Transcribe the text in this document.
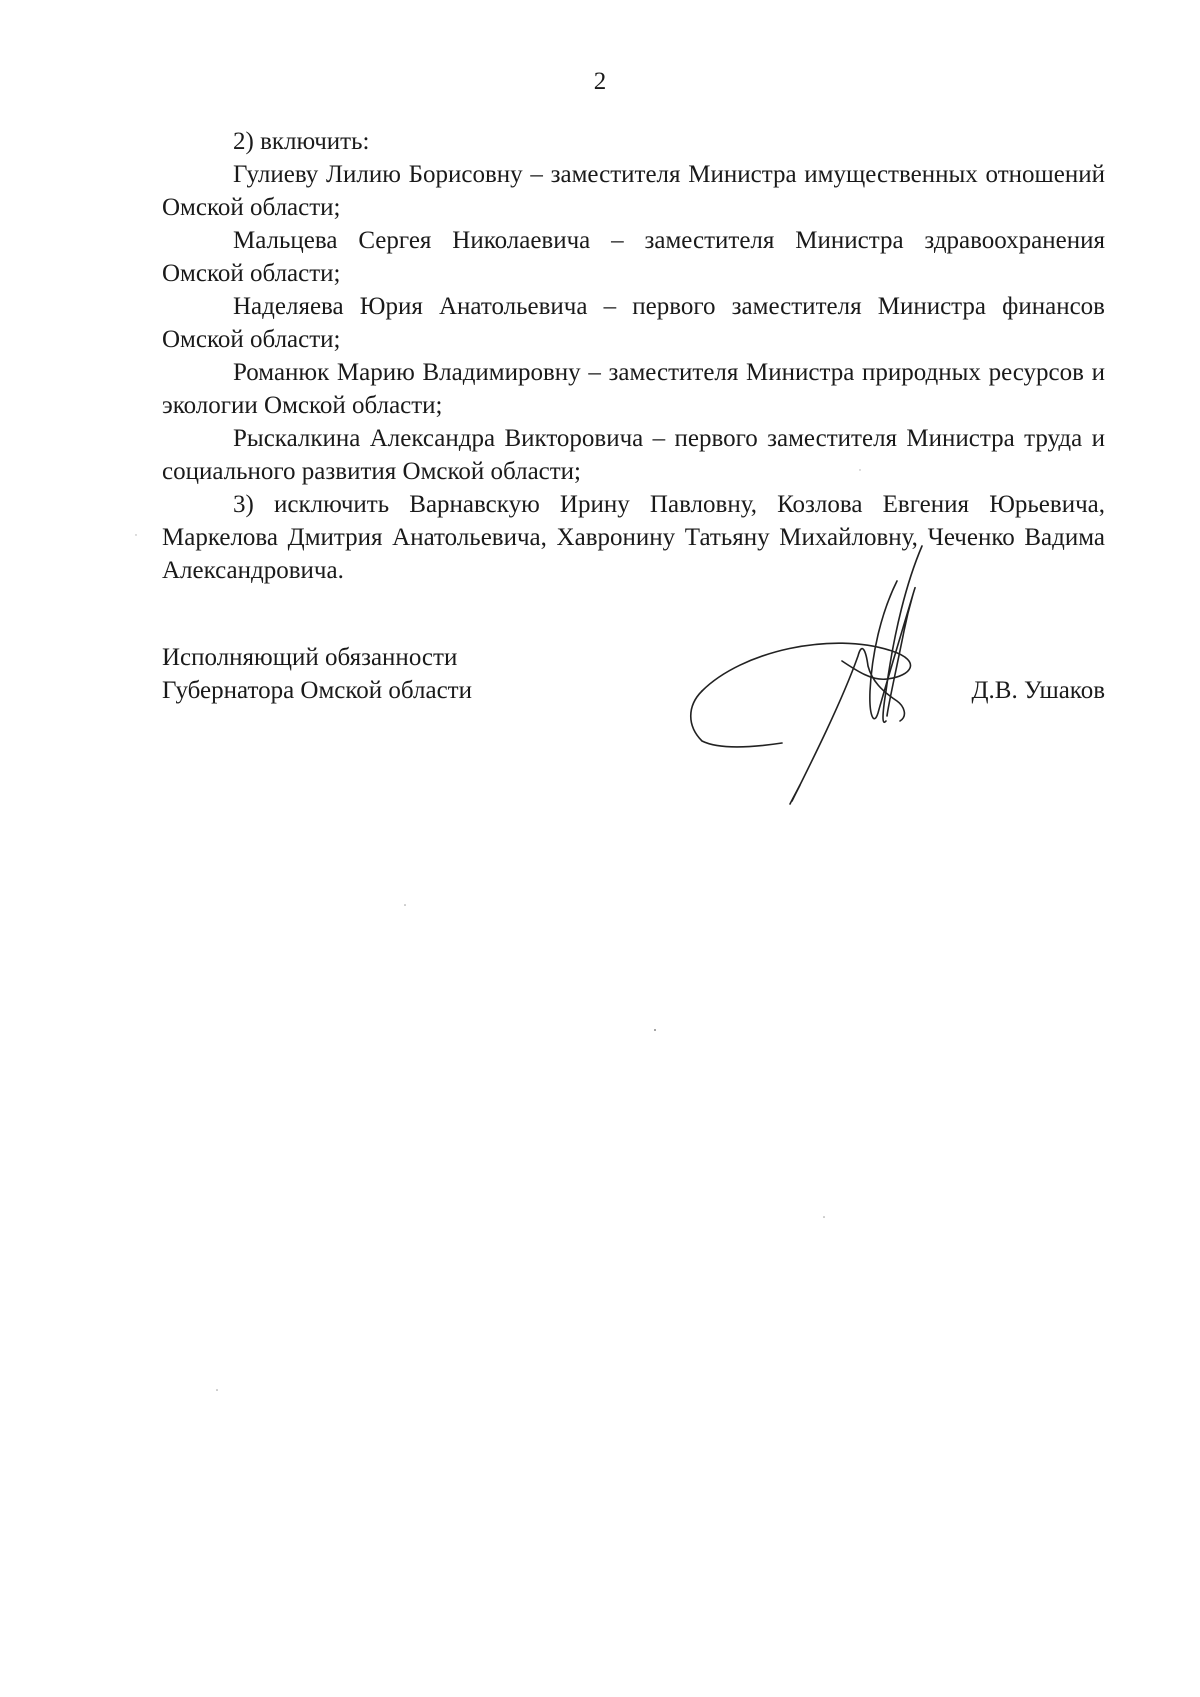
2

2) включить:

Гулиеву Лилию Борисовну – заместителя Министра имущественных отношений Омской области;

Мальцева Сергея Николаевича – заместителя Министра здравоохранения Омской области;

Наделяева Юрия Анатольевича – первого заместителя Министра финансов Омской области;

Романюк Марию Владимировну – заместителя Министра природных ресурсов и экологии Омской области;

Рыскалкина Александра Викторовича – первого заместителя Министра труда и социального развития Омской области;

3) исключить Варнавскую Ирину Павловну, Козлова Евгения Юрьевича, Маркелова Дмитрия Анатольевича, Хавронину Татьяну Михайловну, Чеченко Вадима Александровича.

Исполняющий обязанности
Губернатора Омской области	Д.В. Ушаков
